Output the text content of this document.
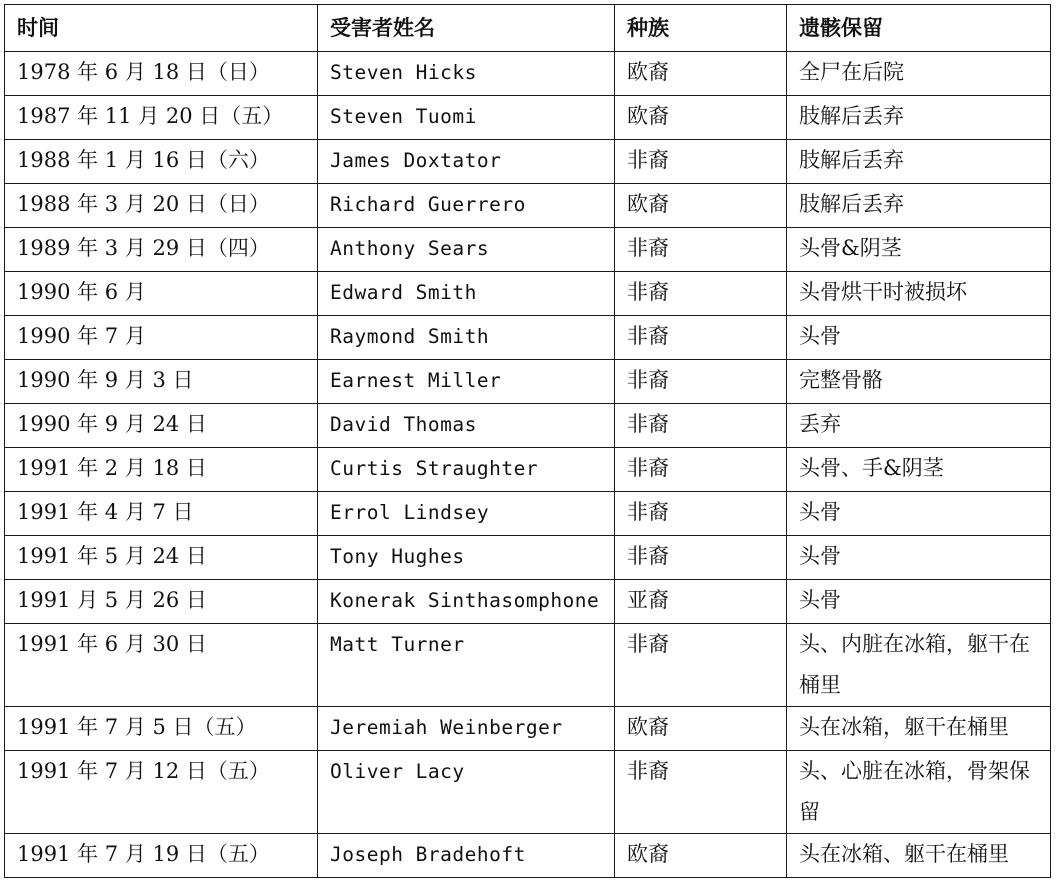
时间	受害者姓名	种族	遗骸保留
1978 年 6 月 18 日（日）	Steven Hicks	欧裔	全尸在后院
1987 年 11 月 20 日（五）	Steven Tuomi	欧裔	肢解后丢弃
1988 年 1 月 16 日（六）	James Doxtator	非裔	肢解后丢弃
1988 年 3 月 20 日（日）	Richard Guerrero	欧裔	肢解后丢弃
1989 年 3 月 29 日（四）	Anthony Sears	非裔	头骨&阴茎
1990 年 6 月	Edward Smith	非裔	头骨烘干时被损坏
1990 年 7 月	Raymond Smith	非裔	头骨
1990 年 9 月 3 日	Earnest Miller	非裔	完整骨骼
1990 年 9 月 24 日	David Thomas	非裔	丢弃
1991 年 2 月 18 日	Curtis Straughter	非裔	头骨、手&阴茎
1991 年 4 月 7 日	Errol Lindsey	非裔	头骨
1991 年 5 月 24 日	Tony Hughes	非裔	头骨
1991 月 5 月 26 日	Konerak Sinthasomphone	亚裔	头骨
1991 年 6 月 30 日	Matt Turner	非裔	头、内脏在冰箱，躯干在桶里
1991 年 7 月 5 日（五）	Jeremiah Weinberger	欧裔	头在冰箱，躯干在桶里
1991 年 7 月 12 日（五）	Oliver Lacy	非裔	头、心脏在冰箱，骨架保留
1991 年 7 月 19 日（五）	Joseph Bradehoft	欧裔	头在冰箱、躯干在桶里
